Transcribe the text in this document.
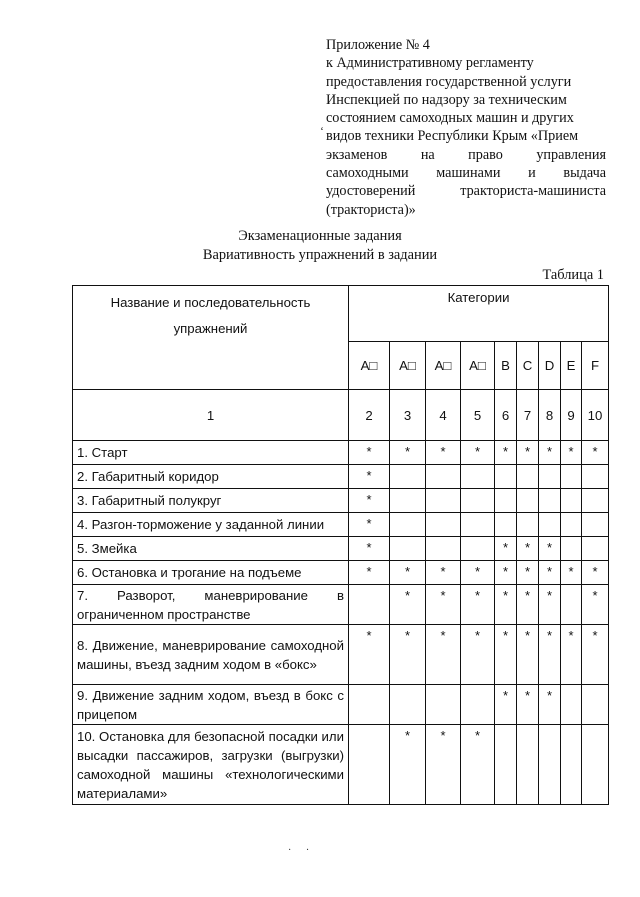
Приложение № 4
к Административному регламенту
предоставления государственной услуги
Инспекцией по надзору за техническим
состоянием самоходных машин и других
видов техники Республики Крым «Прием
экзаменов на право управления
самоходными машинами и выдача
удостоверений тракториста-машиниста
(тракториста)»
‘
Экзаменационные задания
Вариативность упражнений в задании
Таблица 1
Название и последовательность упражнений	Категории								
	A□	A□	A□	A□	B	C	D	E	F
1	2	3	4	5	6	7	8	9	10
1. Старт	*	*	*	*	*	*	*	*	*
2. Габаритный коридор	*								
3. Габаритный полукруг	*								
4. Разгон-торможение у заданной линии	*								
5. Змейка	*				*	*	*		
6. Остановка и трогание на подъеме	*	*	*	*	*	*	*	*	*
7. Разворот, маневрирование в ограниченном пространстве		*	*	*	*	*	*		*
8. Движение, маневрирование самоходной машины, въезд задним ходом в «бокс»	*	*	*	*	*	*	*	*	*
9. Движение задним ходом, въезд в бокс с прицепом					*	*	*		
10. Остановка для безопасной посадки или высадки пассажиров, загрузки (выгрузки) самоходной машины «технологическими материалами»		*	*	*					
· ·
